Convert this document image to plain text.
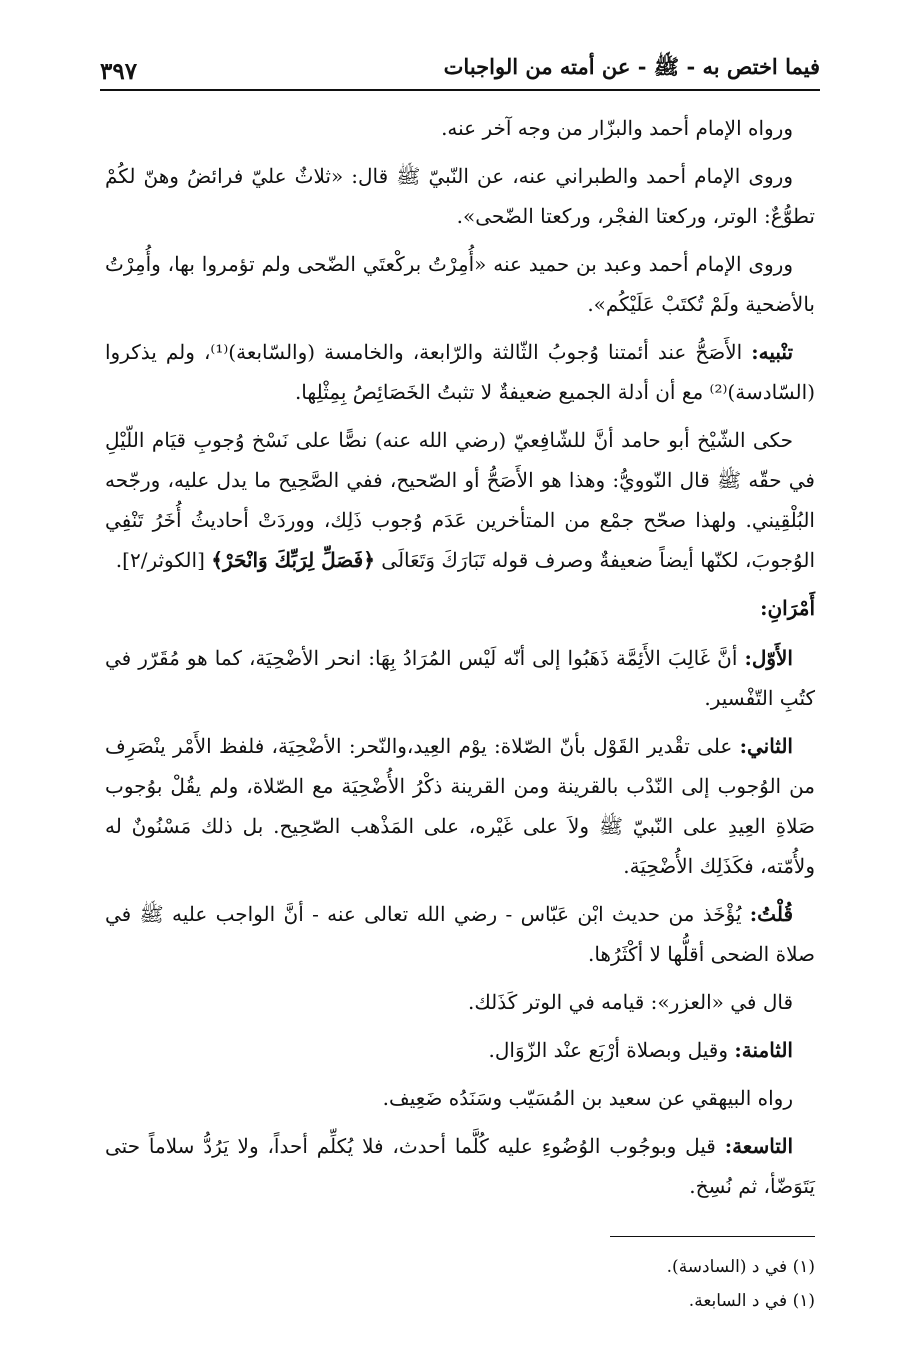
فيما اختص به - ﷺ - عن أمته من الواجبات
٣٩٧

ورواه الإمام أحمد والبزّار من وجه آخر عنه.

وروى الإمام أحمد والطبراني عنه، عن النّبيّ ﷺ قال: «ثلاثٌ عليّ فرائضُ وهنّ لكُمْ تطوُّعٌ: الوتر، وركعتا الفجْر، وركعتا الضّحى».

وروى الإمام أحمد وعبد بن حميد عنه «أُمِرْتُ بركْعتَي الضّحى ولم تؤمروا بها، وأُمِرْتُ بالأضحية ولَمْ تُكتَبْ عَلَيْكُم».

تنْبيه: الأَصَحُّ عند أئمتنا وُجوبُ الثّالثة والرّابعة، والخامسة (والسّابعة)⁽¹⁾، ولم يذكروا (السّادسة)⁽²⁾ مع أن أدلة الجميع ضعيفةٌ لا تثبتُ الخَصَائِصُ بِمِثْلِها.

حكى الشّيْخ أبو حامد أنَّ للشّافِعيّ (رضي الله عنه) نصًّا على نَسْخ وُجوبِ قيَام اللّيْلِ في حقّه ﷺ قال النّوويُّ: وهذا هو الأَصَحُّ أو الصّحيح، ففي الصَّحِيح ما يدل عليه، ورجّحه البُلْقِيني. ولهذا صحّح جمْع من المتأخرين عَدَم وُجوب ذَلِك، ووردَتْ أحاديثُ أُخَرُ تَنْفِي الوُجوبَ، لكنّها أيضاً ضعيفةٌ وصرف قوله تَبَارَكَ وَتَعَالَى ﴿فَصَلِّ لِرَبِّكَ وَانْحَرْ﴾ [الكوثر/٢].

أَمْرَانِ:

الأَوّل: أنَّ غَالِبَ الأَئِمَّة ذَهَبُوا إلى أنّه لَيْس المُرَادُ بِهَا: انحر الأضْحِيَة، كما هو مُقَرّر في كتُبِ التّفْسير.

الثاني: على تقْدير القَوْل بأنّ الصّلاة: يوْم العِيد،والنّحر: الأضْحِيَة، فلفظ الأَمْر ينْصَرِف من الوُجوب إلى النّدْب بالقرينة ومن القرينة ذكْرُ الأُضْحِيَة مع الصّلاة، ولم يقُلْ بوُجوب صَلاةِ العِيدِ على النّبيّ ﷺ ولاَ على غَيْره، على المَذْهب الصّحِيح. بل ذلك مَسْنُونٌ له ولأُمّته، فكَذَلِك الأُضْحِيَة.

قُلْتُ: يُؤْخَذ من حديث ابْن عَبّاس - رضي الله تعالى عنه - أنَّ الواجب عليه ﷺ في صلاة الضحى أقلُّها لا أكْثَرُها.

قال في «العزر»: قيامه في الوتر كَذَلك.

الثامنة: وقيل وبصلاة أرْبَع عنْد الزّوَال.

رواه البيهقي عن سعيد بن المُسَيّب وسَنَدُه ضَعِيف.

التاسعة: قيل وبوجُوب الوُضُوءِ عليه كُلَّما أحدث، فلا يُكلِّم أحداً، ولا يَرُدُّ سلاماً حتى يَتَوَضّأ، ثم نُسِخ.

(١) في د (السادسة).
(١) في د السابعة.
